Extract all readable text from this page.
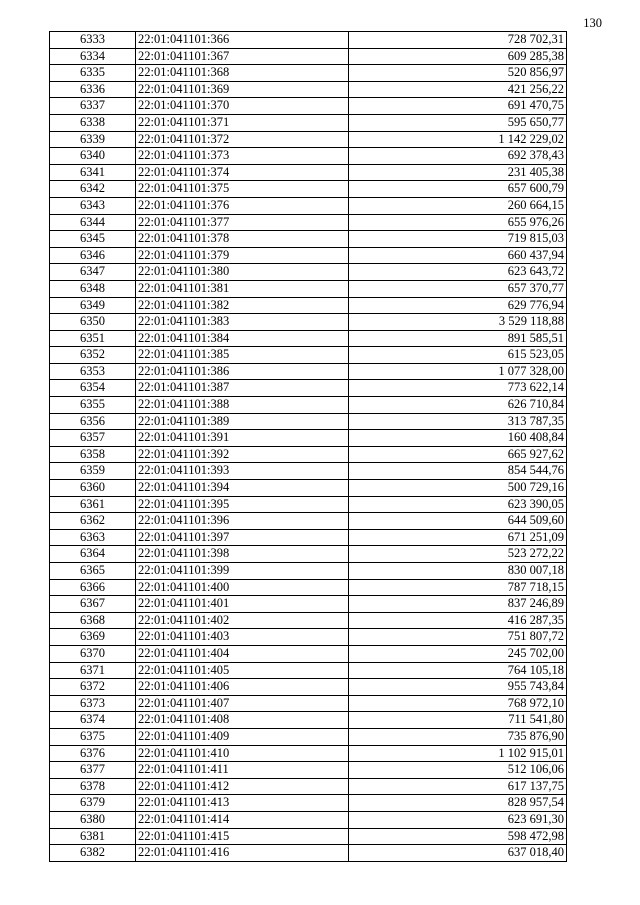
130
6333	22:01:041101:366	728 702,31
6334	22:01:041101:367	609 285,38
6335	22:01:041101:368	520 856,97
6336	22:01:041101:369	421 256,22
6337	22:01:041101:370	691 470,75
6338	22:01:041101:371	595 650,77
6339	22:01:041101:372	1 142 229,02
6340	22:01:041101:373	692 378,43
6341	22:01:041101:374	231 405,38
6342	22:01:041101:375	657 600,79
6343	22:01:041101:376	260 664,15
6344	22:01:041101:377	655 976,26
6345	22:01:041101:378	719 815,03
6346	22:01:041101:379	660 437,94
6347	22:01:041101:380	623 643,72
6348	22:01:041101:381	657 370,77
6349	22:01:041101:382	629 776,94
6350	22:01:041101:383	3 529 118,88
6351	22:01:041101:384	891 585,51
6352	22:01:041101:385	615 523,05
6353	22:01:041101:386	1 077 328,00
6354	22:01:041101:387	773 622,14
6355	22:01:041101:388	626 710,84
6356	22:01:041101:389	313 787,35
6357	22:01:041101:391	160 408,84
6358	22:01:041101:392	665 927,62
6359	22:01:041101:393	854 544,76
6360	22:01:041101:394	500 729,16
6361	22:01:041101:395	623 390,05
6362	22:01:041101:396	644 509,60
6363	22:01:041101:397	671 251,09
6364	22:01:041101:398	523 272,22
6365	22:01:041101:399	830 007,18
6366	22:01:041101:400	787 718,15
6367	22:01:041101:401	837 246,89
6368	22:01:041101:402	416 287,35
6369	22:01:041101:403	751 807,72
6370	22:01:041101:404	245 702,00
6371	22:01:041101:405	764 105,18
6372	22:01:041101:406	955 743,84
6373	22:01:041101:407	768 972,10
6374	22:01:041101:408	711 541,80
6375	22:01:041101:409	735 876,90
6376	22:01:041101:410	1 102 915,01
6377	22:01:041101:411	512 106,06
6378	22:01:041101:412	617 137,75
6379	22:01:041101:413	828 957,54
6380	22:01:041101:414	623 691,30
6381	22:01:041101:415	598 472,98
6382	22:01:041101:416	637 018,40
